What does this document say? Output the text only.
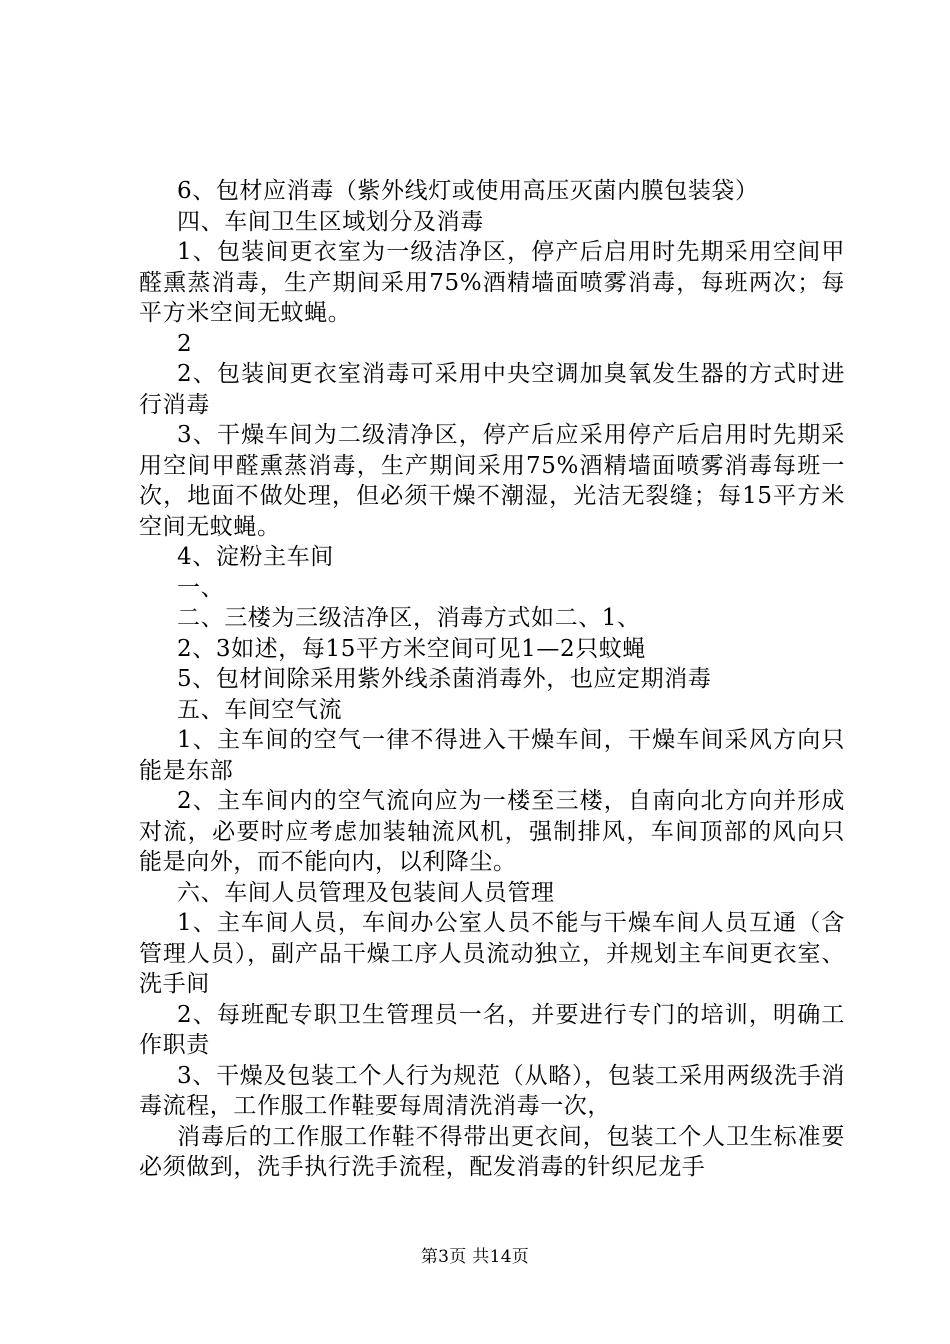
6、包材应消毒（紫外线灯或使用高压灭菌内膜包装袋）

四、车间卫生区域划分及消毒

1、包装间更衣室为一级洁净区，停产后启用时先期采用空间甲醛熏蒸消毒，生产期间采用75%酒精墙面喷雾消毒，每班两次；每平方米空间无蚊蝇。

2

2、包装间更衣室消毒可采用中央空调加臭氧发生器的方式时进行消毒

3、干燥车间为二级清净区，停产后应采用停产后启用时先期采用空间甲醛熏蒸消毒，生产期间采用75%酒精墙面喷雾消毒每班一次，地面不做处理，但必须干燥不潮湿，光洁无裂缝；每15平方米空间无蚊蝇。

4、淀粉主车间

一、

二、三楼为三级洁净区，消毒方式如二、1、

2、3如述，每15平方米空间可见1—2只蚊蝇

5、包材间除采用紫外线杀菌消毒外，也应定期消毒

五、车间空气流

1、主车间的空气一律不得进入干燥车间，干燥车间采风方向只能是东部

2、主车间内的空气流向应为一楼至三楼，自南向北方向并形成对流，必要时应考虑加装轴流风机，强制排风，车间顶部的风向只能是向外，而不能向内，以利降尘。

六、车间人员管理及包装间人员管理

1、主车间人员，车间办公室人员不能与干燥车间人员互通（含管理人员），副产品干燥工序人员流动独立，并规划主车间更衣室、洗手间

2、每班配专职卫生管理员一名，并要进行专门的培训，明确工作职责

3、干燥及包装工个人行为规范（从略），包装工采用两级洗手消毒流程，工作服工作鞋要每周清洗消毒一次，

消毒后的工作服工作鞋不得带出更衣间，包装工个人卫生标准要必须做到，洗手执行洗手流程，配发消毒的针织尼龙手

第3页 共14页
